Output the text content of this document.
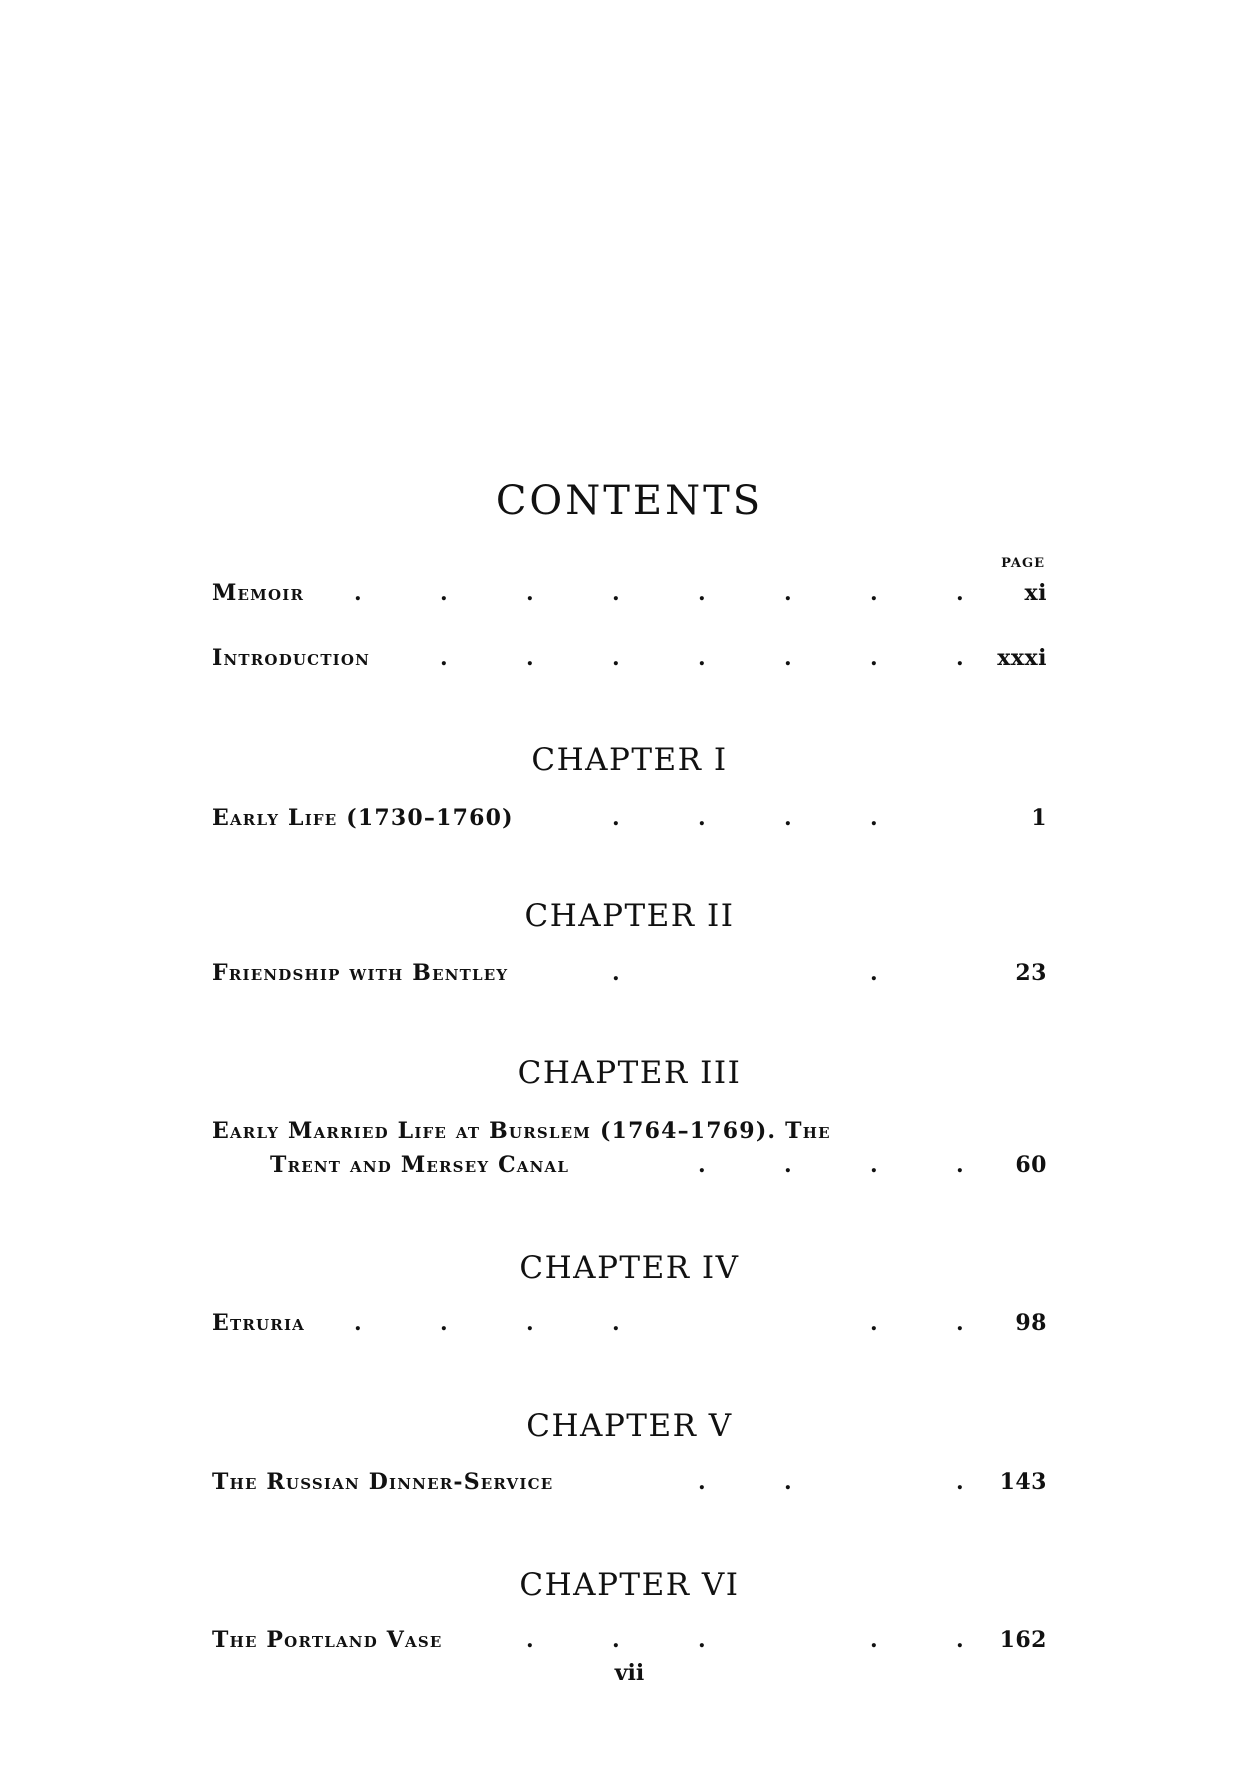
CONTENTS
PAGE
Memoir .	.	.	.	.	.	.	.	xi
Introduction	.	.	.	.	.	.	. xxxi
CHAPTER I
Early Life (1730–1760)	.	.	.	.	1
CHAPTER II
Friendship with Bentley	.	.	23
CHAPTER III
Early Married Life at Burslem (1764–1769). The
Trent and Mersey Canal	.	.	.	. 60
CHAPTER IV
Etruria .	.	.	.	.	. 98
CHAPTER V
The Russian Dinner-Service	.	.	. 143
CHAPTER VI
The Portland Vase	.	.	.	.	. 162
vii
